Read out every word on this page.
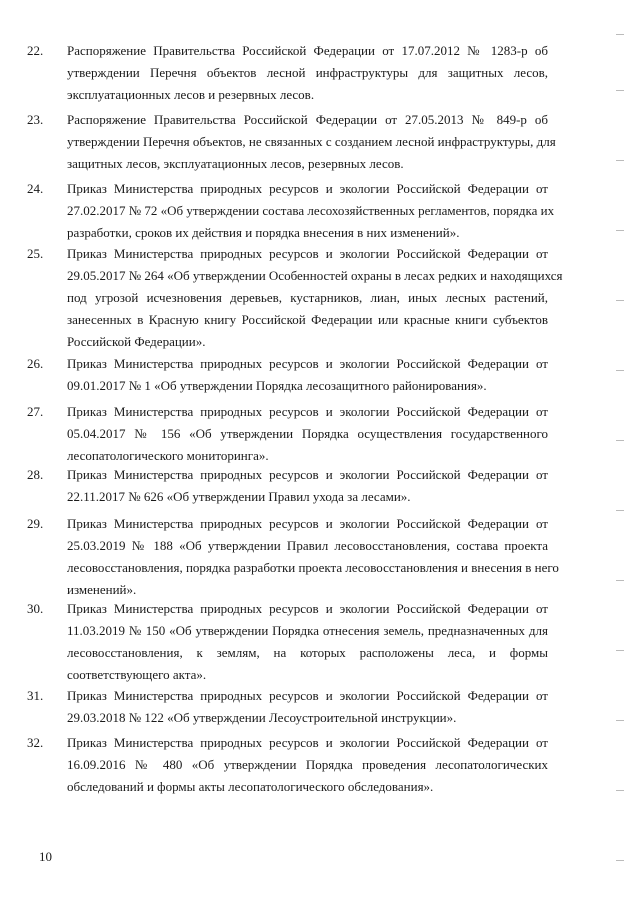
22. Распоряжение Правительства Российской Федерации от 17.07.2012 № 1283-р об
утверждении Перечня объектов лесной инфраструктуры для защитных лесов,
эксплуатационных лесов и резервных лесов.
23. Распоряжение Правительства Российской Федерации от 27.05.2013 № 849-р об
утверждении Перечня объектов, не связанных с созданием лесной инфраструктуры, для
защитных лесов, эксплуатационных лесов, резервных лесов.
24. Приказ Министерства природных ресурсов и экологии Российской Федерации от
27.02.2017 № 72 «Об утверждении состава лесохозяйственных регламентов, порядка их
разработки, сроков их действия и порядка внесения в них изменений».
25. Приказ Министерства природных ресурсов и экологии Российской Федерации от
29.05.2017 № 264 «Об утверждении Особенностей охраны в лесах редких и находящихся
под угрозой исчезновения деревьев, кустарников, лиан, иных лесных растений,
занесенных в Красную книгу Российской Федерации или красные книги субъектов
Российской Федерации».
26. Приказ Министерства природных ресурсов и экологии Российской Федерации от
09.01.2017 № 1 «Об утверждении Порядка лесозащитного районирования».
27. Приказ Министерства природных ресурсов и экологии Российской Федерации от
05.04.2017 № 156 «Об утверждении Порядка осуществления государственного
лесопатологического мониторинга».
28. Приказ Министерства природных ресурсов и экологии Российской Федерации от
22.11.2017 № 626 «Об утверждении Правил ухода за лесами».
29. Приказ Министерства природных ресурсов и экологии Российской Федерации от
25.03.2019 № 188 «Об утверждении Правил лесовосстановления, состава проекта
лесовосстановления, порядка разработки проекта лесовосстановления и внесения в него
изменений».
30. Приказ Министерства природных ресурсов и экологии Российской Федерации от
11.03.2019 № 150 «Об утверждении Порядка отнесения земель, предназначенных для
лесовосстановления, к землям, на которых расположены леса, и формы
соответствующего акта».
31. Приказ Министерства природных ресурсов и экологии Российской Федерации от
29.03.2018 № 122 «Об утверждении Лесоустроительной инструкции».
32. Приказ Министерства природных ресурсов и экологии Российской Федерации от
16.09.2016 № 480 «Об утверждении Порядка проведения лесопатологических
обследований и формы акты лесопатологического обследования».
10
